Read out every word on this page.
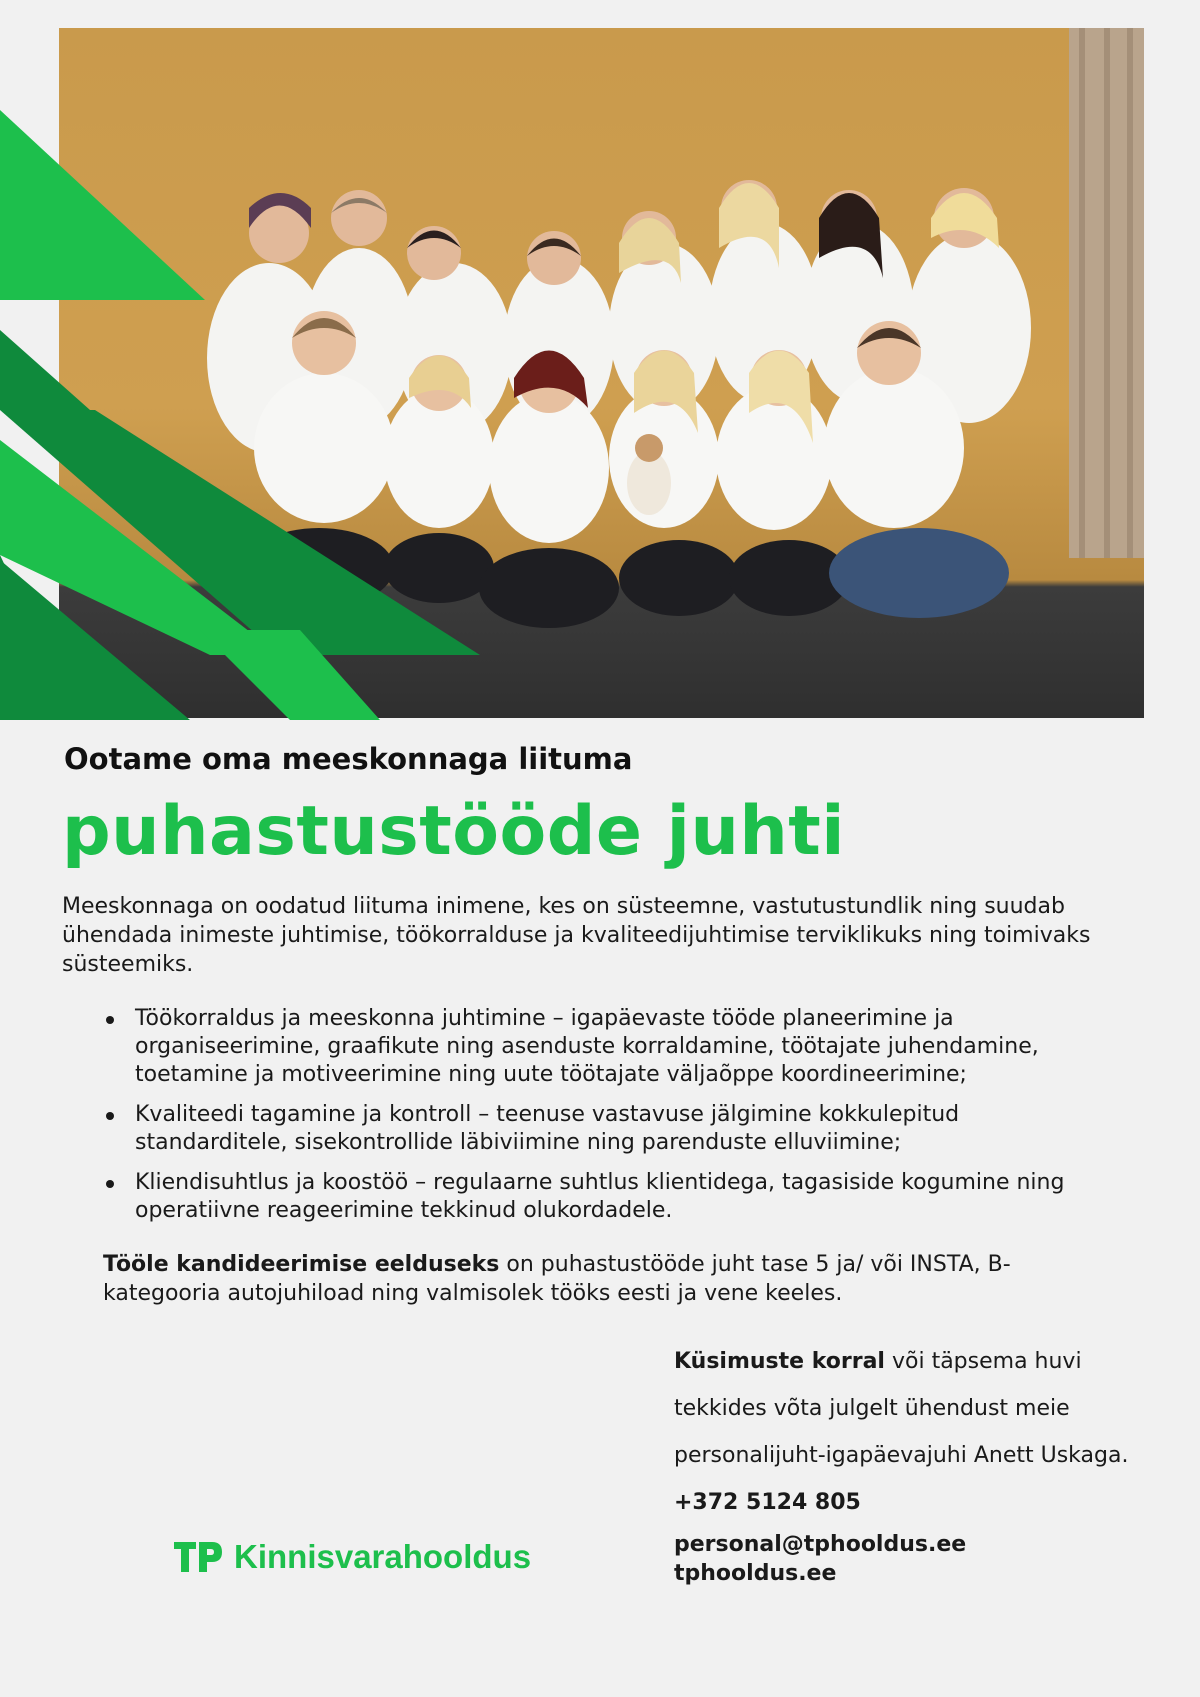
Ootame oma meeskonnaga liituma
puhastustööde juhti

Meeskonnaga on oodatud liituma inimene, kes on süsteemne, vastutustundlik ning suudab ühendada inimeste juhtimise, töökorralduse ja kvaliteedijuhtimise terviklikuks ning toimivaks süsteemiks.

Töökorraldus ja meeskonna juhtimine – igapäevaste tööde planeerimine ja organiseerimine, graafikute ning asenduste korraldamine, töötajate juhendamine, toetamine ja motiveerimine ning uute töötajate väljaõppe koordineerimine;
Kvaliteedi tagamine ja kontroll – teenuse vastavuse jälgimine kokkulepitud standarditele, sisekontrollide läbiviimine ning parenduste elluviimine;
Kliendisuhtlus ja koostöö – regulaarne suhtlus klientidega, tagasiside kogumine ning operatiivne reageerimine tekkinud olukordadele.

Tööle kandideerimise eelduseks on puhastustööde juht tase 5 ja/ või INSTA, B-kategooria autojuhiload ning valmisolek tööks eesti ja vene keeles.

Küsimuste korral või täpsema huvi

tekkides võta julgelt ühendust meie

personalijuht-igapäevajuhi Anett Uskaga.

+372 5124 805

personal@tphooldus.ee
tphooldus.ee
Kinnisvarahooldus
